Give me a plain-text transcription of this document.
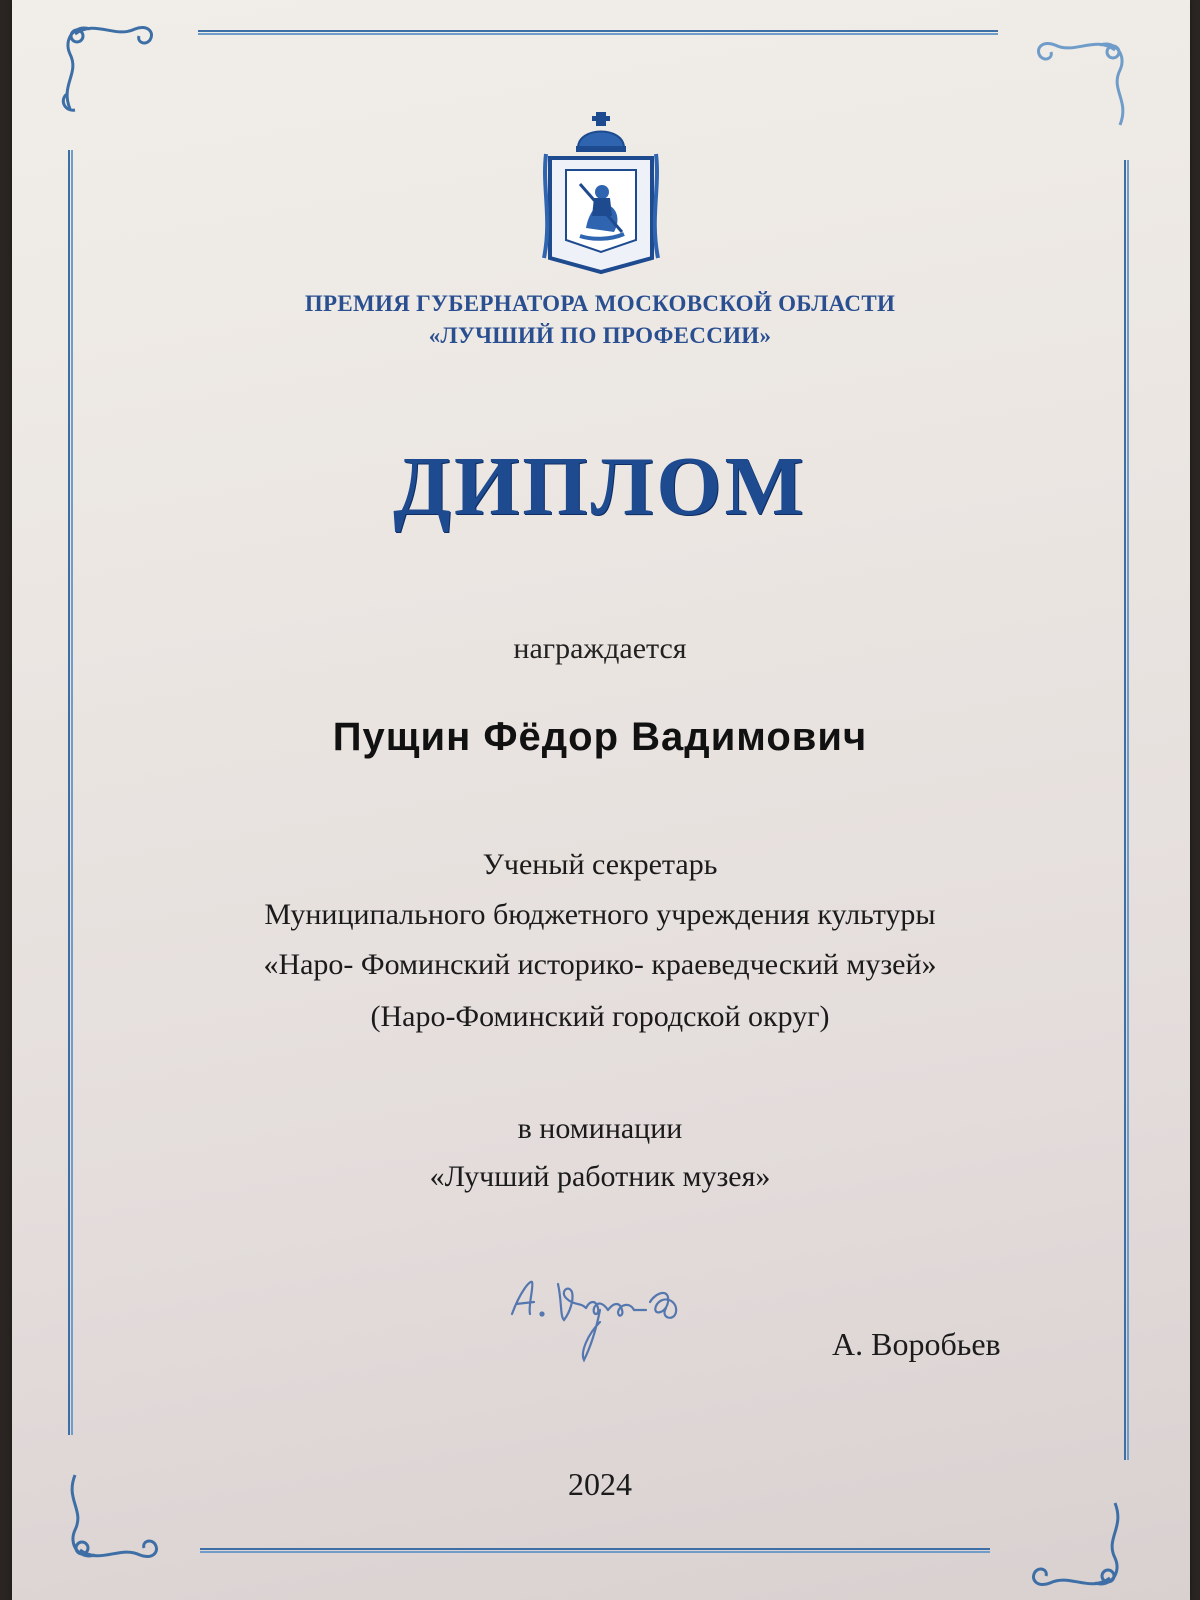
ПРЕМИЯ ГУБЕРНАТОРА МОСКОВСКОЙ ОБЛАСТИ
«ЛУЧШИЙ ПО ПРОФЕССИИ»
ДИПЛОМ
награждается
Пущин Фёдор Вадимович
Ученый секретарь
Муниципального бюджетного учреждения культуры
«Наро- Фоминский историко- краеведческий музей»
(Наро-Фоминский городской округ)
в номинации
«Лучший работник музея»
А. Воробьев
2024
